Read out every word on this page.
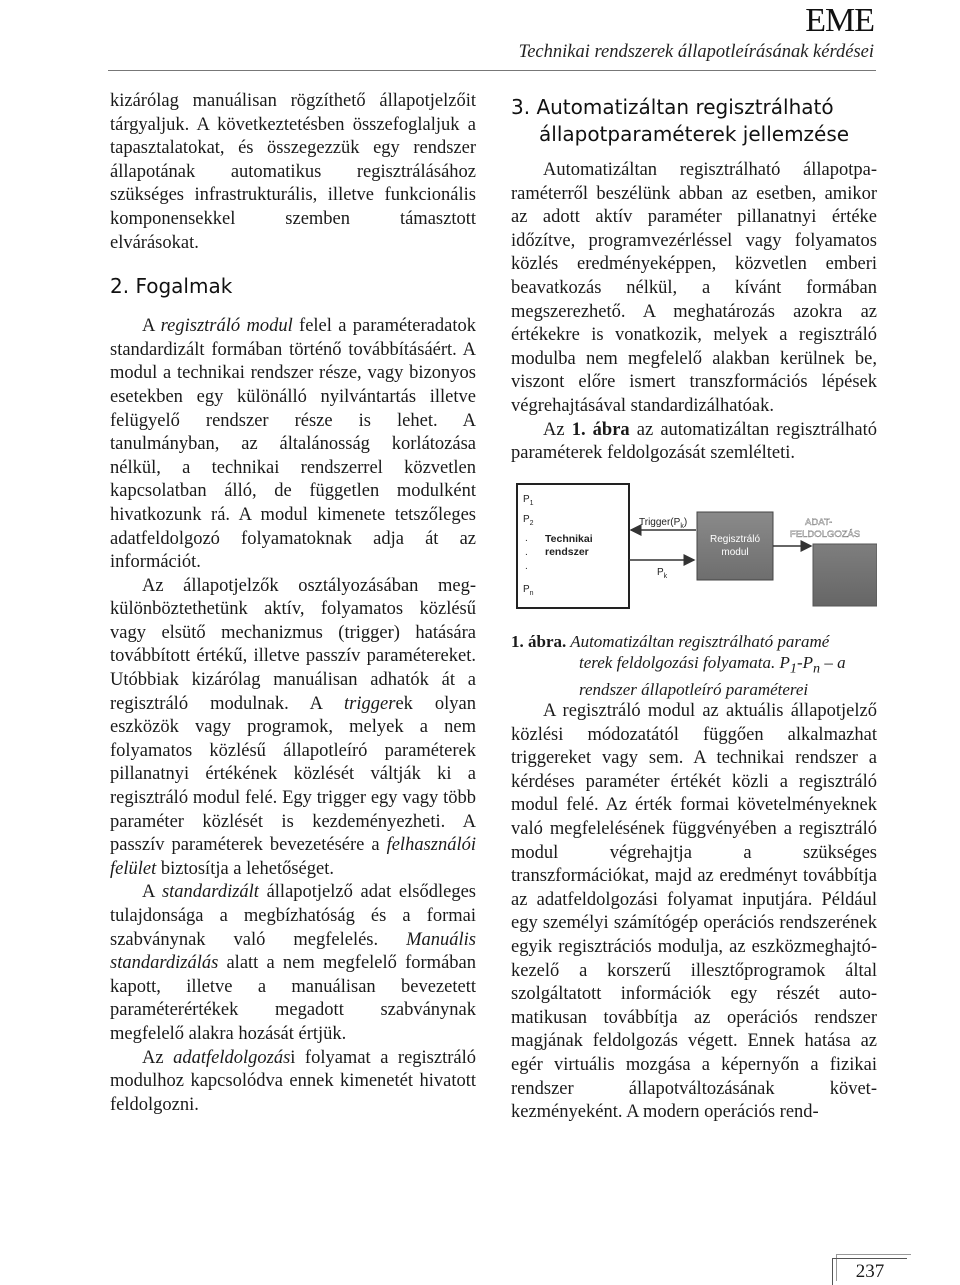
EME
Technikai rendszerek állapotleírásának kérdései

kizárólag manuálisan rögzíthető állapotjelzőit tárgyaljuk. A következtetésben összefoglaljuk a tapasztalatokat, és összegezzük egy rendszer állapotának automatikus regisztrálásához szükséges infrastrukturális, illetve funkcionális komponensekkel szemben támasztott elvárásokat.

2. Fogalmak

A regisztráló modul felel a paraméteradatok standardizált formában történő továbbításáért. A modul a technikai rendszer része, vagy bizonyos esetekben egy különálló nyilvántartás illetve felügyelő rendszer része is lehet. A tanulmányban, az általánosság korlátozása nélkül, a technikai rendszerrel közvetlen kapcsolatban álló, de független modulként hivatkozunk rá. A modul kimenete tetszőleges adatfeldolgozó folyamatoknak adja át az információt.

Az állapotjelzők osztályozásában megkülönböztethetünk aktív, folyamatos közlésű vagy elsütő mechanizmus (trigger) hatására továbbított értékű, illetve passzív paramétereket. Utóbbiak kizárólag manuálisan adhatók át a regisztráló modulnak. A triggerek olyan eszközök vagy programok, melyek a nem folyamatos közlésű állapotleíró paraméterek pillanatnyi értékének közlését váltják ki a regisztráló modul felé. Egy trigger egy vagy több paraméter közlését is kezdeményezheti. A passzív paraméterek bevezetésére a felhasználói felület biztosítja a lehetőséget.

A standardizált állapotjelző adat elsődleges tulajdonsága a megbízhatóság és a formai szabványnak való megfelelés. Manuális standardizálás alatt a nem megfelelő formában kapott, illetve a manuálisan bevezetett paraméterértékek megadott szabványnak megfelelő alakra hozását értjük.

Az adatfeldolgozási folyamat a regisztráló modulhoz kapcsolódva ennek kimenetét hivatott feldolgozni.

3. Automatizáltan regisztrálható
állapotparaméterek jellemzése

Automatizáltan regisztrálható állapotparaméterről beszélünk abban az esetben, amikor az adott aktív paraméter pillanatnyi értéke időzítve, programvezérléssel vagy folyamatos közlés eredményeképpen, közvetlen emberi beavatkozás nélkül, a kívánt formában megszerezhető. A meghatározás azokra az értékekre is vonatkozik, melyek a regisztráló modulba nem megfelelő alakban kerülnek be, viszont előre ismert transzformációs lépések végrehajtásával standardizálhatóak.

Az 1. ábra az automatizáltan regisztrálható paraméterek feldolgozását szemlélteti.

$P_1$
$P_2$
.
.
.
$P_n$
Technikai
rendszer
$Trigger(P_k)$
$P_k$
Regisztráló
modul
ADAT-
FELDOLGOZÁS
1. ábra. Automatizáltan regisztrálható paramé
terek feldolgozási folyamata. $P_1-P_n$ – a
rendszer állapotleíró paraméterei

A regisztráló modul az aktuális állapotjelző közlési módozatától függően alkalmazhat triggereket vagy sem. A technikai rendszer a kérdéses paraméter értékét közli a regisztráló modul felé. Az érték formai követelményeknek való megfelelésének függvényében a regisztráló modul végrehajtja a szükséges transzformációkat, majd az eredményt továbbítja az adatfeldolgozási folyamat inputjára. Például egy személyi számítógép operációs rendszerének egyik regisztrációs modulja, az eszközmeghajtókezelő a korszerű illesztőprogramok által szolgáltatott információk egy részét automatikusan továbbítja az operációs rendszer magjának feldolgozás végett. Ennek hatása az egér virtuális mozgása a képernyőn a fizikai rendszer állapotváltozásának következményeként. A modern operációs rend-

237
